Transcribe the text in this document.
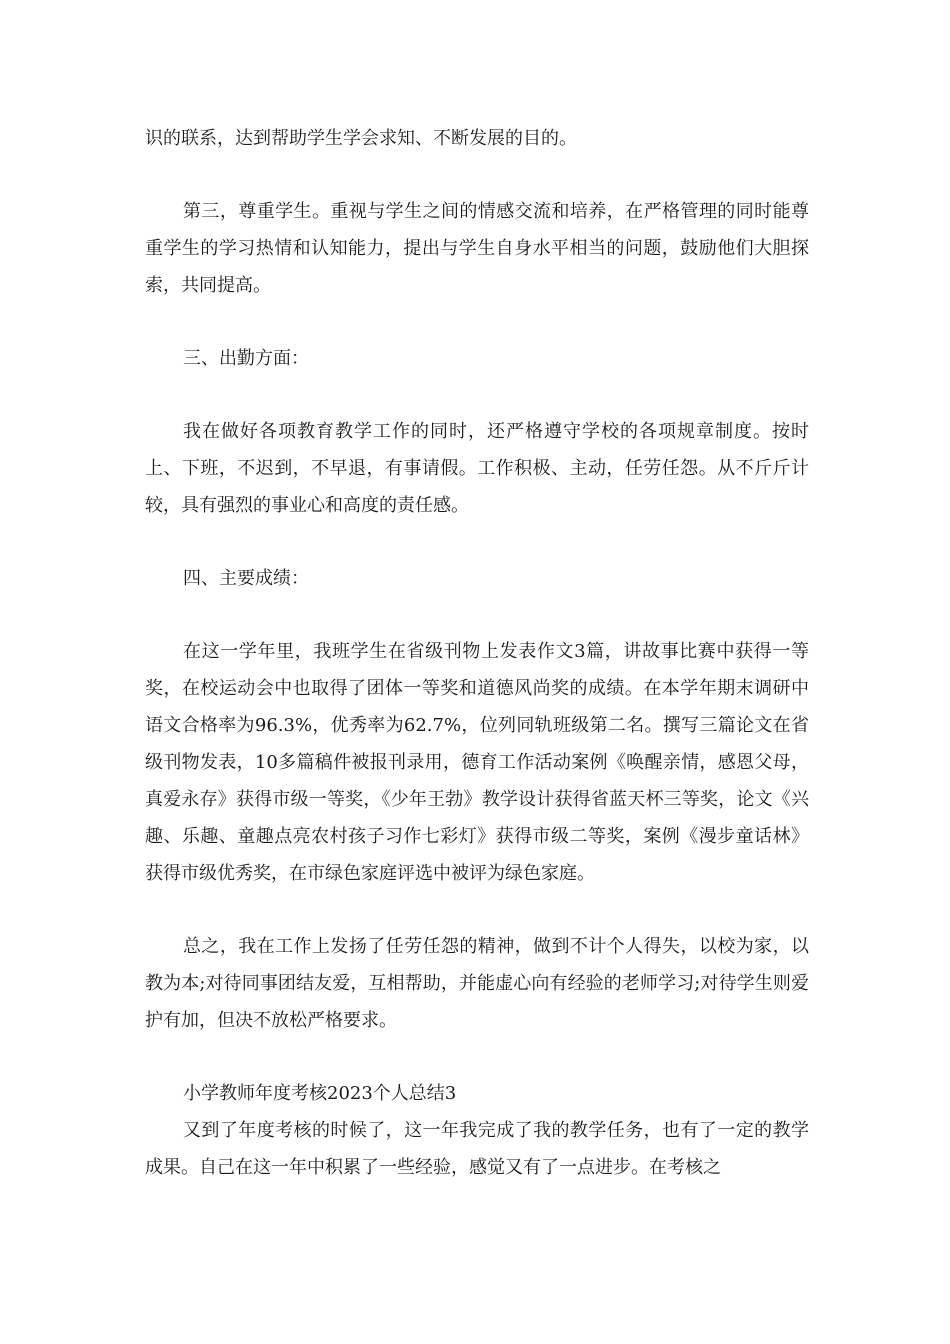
识的联系，达到帮助学生学会求知、不断发展的目的。

第三，尊重学生。重视与学生之间的情感交流和培养，在严格管理的同时能尊重学生的学习热情和认知能力，提出与学生自身水平相当的问题，鼓励他们大胆探索，共同提高。

三、出勤方面：

我在做好各项教育教学工作的同时，还严格遵守学校的各项规章制度。按时上、下班，不迟到，不早退，有事请假。工作积极、主动，任劳任怨。从不斤斤计较，具有强烈的事业心和高度的责任感。

四、主要成绩：

在这一学年里，我班学生在省级刊物上发表作文3篇，讲故事比赛中获得一等奖，在校运动会中也取得了团体一等奖和道德风尚奖的成绩。在本学年期末调研中语文合格率为96.3%，优秀率为62.7%，位列同轨班级第二名。撰写三篇论文在省级刊物发表，10多篇稿件被报刊录用，德育工作活动案例《唤醒亲情，感恩父母，真爱永存》获得市级一等奖，《少年王勃》教学设计获得省蓝天杯三等奖，论文《兴趣、乐趣、童趣点亮农村孩子习作七彩灯》获得市级二等奖，案例《漫步童话林》获得市级优秀奖，在市绿色家庭评选中被评为绿色家庭。

总之，我在工作上发扬了任劳任怨的精神，做到不计个人得失，以校为家，以教为本;对待同事团结友爱，互相帮助，并能虚心向有经验的老师学习;对待学生则爱护有加，但决不放松严格要求。

小学教师年度考核2023个人总结3

又到了年度考核的时候了，这一年我完成了我的教学任务，也有了一定的教学成果。自己在这一年中积累了一些经验，感觉又有了一点进步。在考核之
